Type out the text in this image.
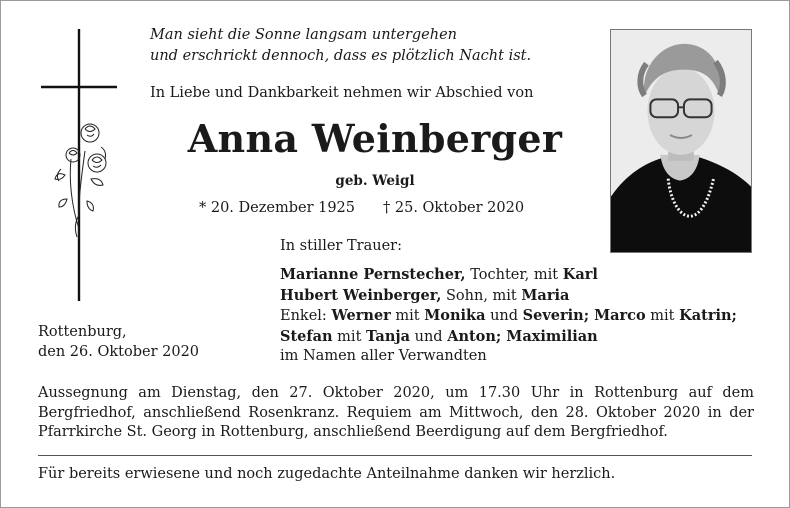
Man sieht die Sonne langsam untergehen
und erschrickt dennoch, dass es plötzlich Nacht ist.
In Liebe und Dankbarkeit nehmen wir Abschied von
Anna Weinberger
geb. Weigl
* 20. Dezember 1925 † 25. Oktober 2020
In stiller Trauer:
Marianne Pernstecher, Tochter, mit Karl
Hubert Weinberger, Sohn, mit Maria
Enkel: Werner mit Monika und Severin; Marco mit Katrin;
Stefan mit Tanja und Anton; Maximilian
im Namen aller Verwandten
Rottenburg,
den 26. Oktober 2020
Aussegnung am Dienstag, den 27. Oktober 2020, um 17.30 Uhr in Rottenburg auf dem Bergfriedhof, anschließend Rosenkranz. Requiem am Mittwoch, den 28. Oktober 2020 in der Pfarrkirche St. Georg in Rottenburg, anschließend Beerdigung auf dem Bergfriedhof.
Für bereits erwiesene und noch zugedachte Anteilnahme danken wir herzlich.
